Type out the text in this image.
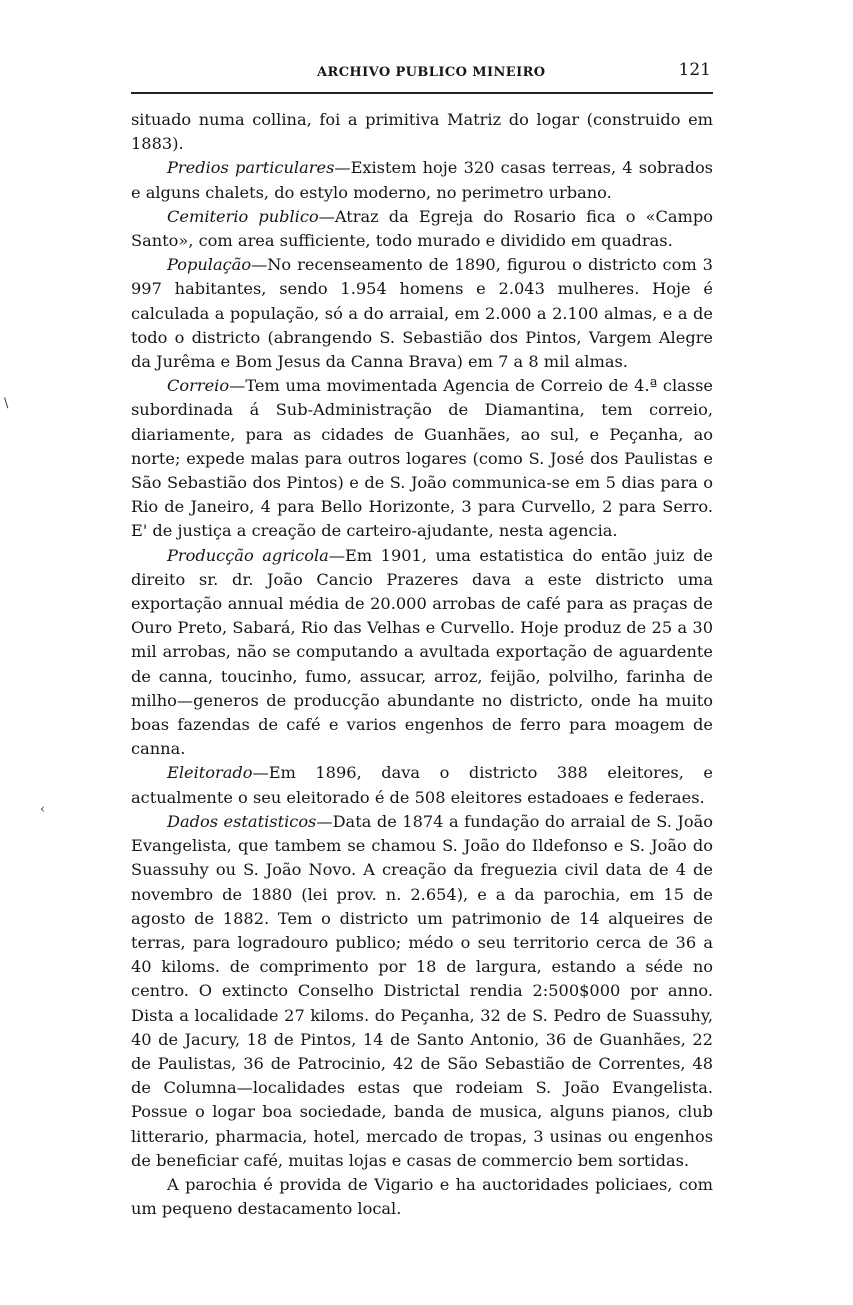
ARCHIVO PUBLICO MINEIRO	121
\
‹

situado numa collina, foi a primitiva Matriz do logar (construido em 1883).

Predios particulares—Existem hoje 320 casas terreas, 4 sobrados e alguns chalets, do estylo moderno, no perimetro urbano.

Cemiterio publico—Atraz da Egreja do Rosario fica o «Campo Santo», com area sufficiente, todo murado e dividido em quadras.

População—No recenseamento de 1890, figurou o districto com 3 997 habitantes, sendo 1.954 homens e 2.043 mulheres. Hoje é calculada a população, só a do arraial, em 2.000 a 2.100 almas, e a de todo o districto (abrangendo S. Sebastião dos Pintos, Vargem Alegre da Jurêma e Bom Jesus da Canna Brava) em 7 a 8 mil almas.

Correio—Tem uma movimentada Agencia de Correio de 4.ª classe subordinada á Sub-Administração de Diamantina, tem correio, diariamente, para as cidades de Guanhães, ao sul, e Peçanha, ao norte; expede malas para outros logares (como S. José dos Paulistas e São Sebastião dos Pintos) e de S. João communica-se em 5 dias para o Rio de Janeiro, 4 para Bello Horizonte, 3 para Curvello, 2 para Serro. E' de justiça a creação de carteiro-ajudante, nesta agencia.

Producção agricola—Em 1901, uma estatistica do então juiz de direito sr. dr. João Cancio Prazeres dava a este districto uma exportação annual média de 20.000 arrobas de café para as praças de Ouro Preto, Sabará, Rio das Velhas e Curvello. Hoje produz de 25 a 30 mil arrobas, não se computando a avultada exportação de aguardente de canna, toucinho, fumo, assucar, arroz, feijão, polvilho, farinha de milho—generos de producção abundante no districto, onde ha muito boas fazendas de café e varios engenhos de ferro para moagem de canna.

Eleitorado—Em 1896, dava o districto 388 eleitores, e actualmente o seu eleitorado é de 508 eleitores estadoaes e federaes.

Dados estatisticos—Data de 1874 a fundação do arraial de S. João Evangelista, que tambem se chamou S. João do Ildefonso e S. João do Suassuhy ou S. João Novo. A creação da freguezia civil data de 4 de novembro de 1880 (lei prov. n. 2.654), e a da parochia, em 15 de agosto de 1882. Tem o districto um patrimonio de 14 alqueires de terras, para logradouro publico; médo o seu territorio cerca de 36 a 40 kiloms. de comprimento por 18 de largura, estando a séde no centro. O extincto Conselho Districtal rendia 2:500$000 por anno. Dista a localidade 27 kiloms. do Peçanha, 32 de S. Pedro de Suassuhy, 40 de Jacury, 18 de Pintos, 14 de Santo Antonio, 36 de Guanhães, 22 de Paulistas, 36 de Patrocinio, 42 de São Sebastião de Correntes, 48 de Columna—localidades estas que rodeiam S. João Evangelista. Possue o logar boa sociedade, banda de musica, alguns pianos, club litterario, pharmacia, hotel, mercado de tropas, 3 usinas ou engenhos de beneficiar café, muitas lojas e casas de commercio bem sortidas.

A parochia é provida de Vigario e ha auctoridades policiaes, com um pequeno destacamento local.
